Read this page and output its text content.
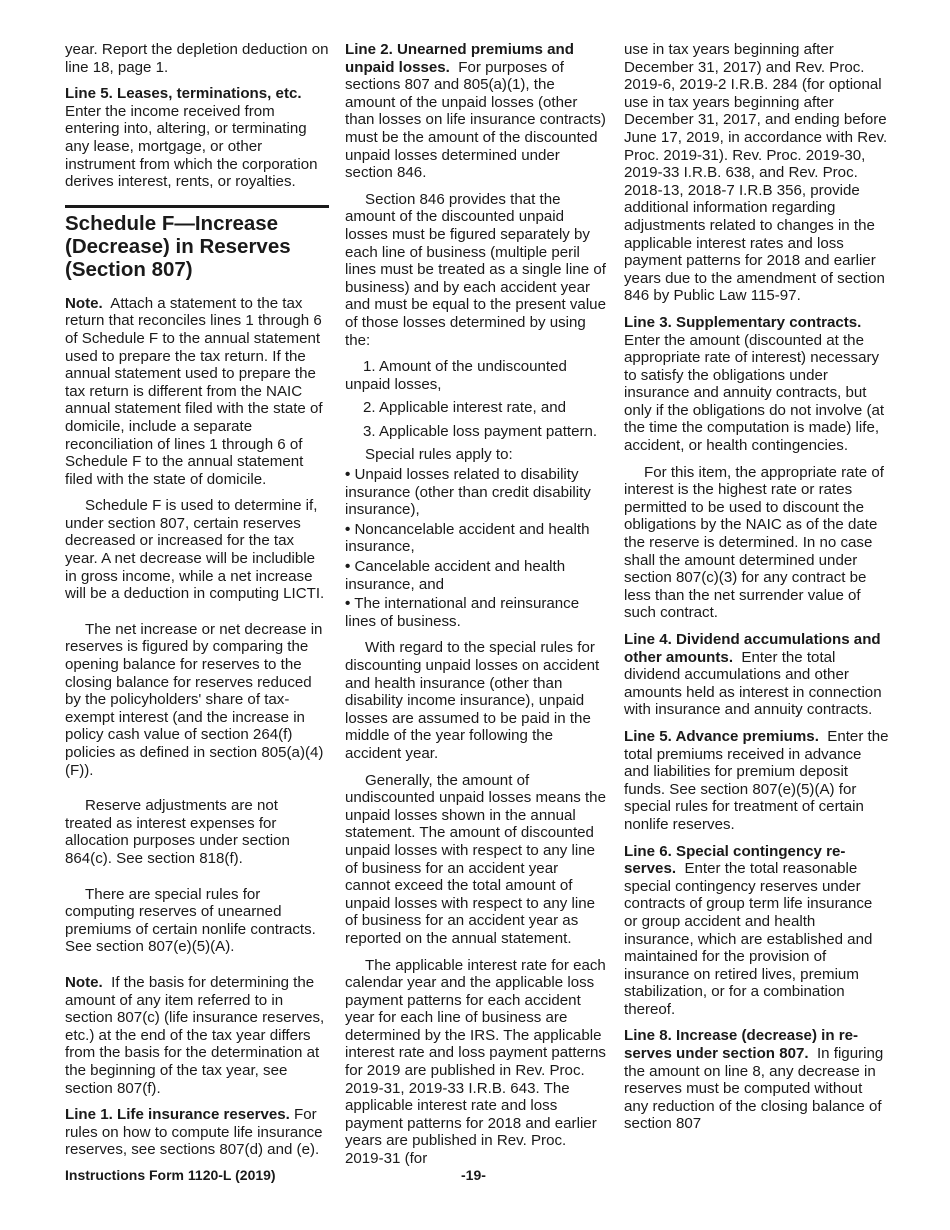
year. Report the depletion deduction on line 18, page 1.

Line 5. Leases, terminations, etc. Enter the income received from entering into, altering, or terminating any lease, mortgage, or other instrument from which the corporation derives interest, rents, or royalties.

Schedule F—Increase (Decrease) in Reserves (Section 807)

Note. Attach a statement to the tax return that reconciles lines 1 through 6 of Schedule F to the annual statement used to prepare the tax return. If the annual statement used to prepare the tax return is different from the NAIC annual statement filed with the state of domicile, include a separate reconciliation of lines 1 through 6 of Schedule F to the annual statement filed with the state of domicile.

Schedule F is used to determine if, under section 807, certain reserves decreased or increased for the tax year. A net decrease will be includible in gross income, while a net increase will be a deduction in computing LICTI.

The net increase or net decrease in reserves is figured by comparing the opening balance for reserves to the closing balance for reserves reduced by the policyholders' share of tax-exempt interest (and the increase in policy cash value of section 264(f) policies as defined in section 805(a)(4)(F)).

Reserve adjustments are not treated as interest expenses for allocation purposes under section 864(c). See section 818(f).

There are special rules for computing reserves of unearned premiums of certain nonlife contracts. See section 807(e)(5)(A).

Note. If the basis for determining the amount of any item referred to in section 807(c) (life insurance reserves, etc.) at the end of the tax year differs from the basis for the determination at the beginning of the tax year, see section 807(f).

Line 1. Life insurance reserves. For rules on how to compute life insurance reserves, see sections 807(d) and (e).

Line 2. Unearned premiums and unpaid losses. For purposes of sections 807 and 805(a)(1), the amount of the unpaid losses (other than losses on life insurance contracts) must be the amount of the discounted unpaid losses determined under section 846.

Section 846 provides that the amount of the discounted unpaid losses must be figured separately by each line of business (multiple peril lines must be treated as a single line of business) and by each accident year and must be equal to the present value of those losses determined by using the:

1. Amount of the undiscounted unpaid losses,

2. Applicable interest rate, and

3. Applicable loss payment pattern.

Special rules apply to:

• Unpaid losses related to disability insurance (other than credit disability insurance),

• Noncancelable accident and health insurance,

• Cancelable accident and health insurance, and

• The international and reinsurance lines of business.

With regard to the special rules for discounting unpaid losses on accident and health insurance (other than disability income insurance), unpaid losses are assumed to be paid in the middle of the year following the accident year.

Generally, the amount of undiscounted unpaid losses means the unpaid losses shown in the annual statement. The amount of discounted unpaid losses with respect to any line of business for an accident year cannot exceed the total amount of unpaid losses with respect to any line of business for an accident year as reported on the annual statement.

The applicable interest rate for each calendar year and the applicable loss payment patterns for each accident year for each line of business are determined by the IRS. The applicable interest rate and loss payment patterns for 2019 are published in Rev. Proc. 2019-31, 2019-33 I.R.B. 643. The applicable interest rate and loss payment patterns for 2018 and earlier years are published in Rev. Proc. 2019-31 (for

use in tax years beginning after December 31, 2017) and Rev. Proc. 2019-6, 2019-2 I.R.B. 284 (for optional use in tax years beginning after December 31, 2017, and ending before June 17, 2019, in accordance with Rev. Proc. 2019-31). Rev. Proc. 2019-30, 2019-33 I.R.B. 638, and Rev. Proc. 2018-13, 2018-7 I.R.B 356, provide additional information regarding adjustments related to changes in the applicable interest rates and loss payment patterns for 2018 and earlier years due to the amendment of section 846 by Public Law 115-97.

Line 3. Supplementary contracts. Enter the amount (discounted at the appropriate rate of interest) necessary to satisfy the obligations under insurance and annuity contracts, but only if the obligations do not involve (at the time the computation is made) life, accident, or health contingencies.

For this item, the appropriate rate of interest is the highest rate or rates permitted to be used to discount the obligations by the NAIC as of the date the reserve is determined. In no case shall the amount determined under section 807(c)(3) for any contract be less than the net surrender value of such contract.

Line 4. Dividend accumulations and other amounts. Enter the total dividend accumulations and other amounts held as interest in connection with insurance and annuity contracts.

Line 5. Advance premiums. Enter the total premiums received in advance and liabilities for premium deposit funds. See section 807(e)(5)(A) for special rules for treatment of certain nonlife reserves.

Line 6. Special contingency re-serves. Enter the total reasonable special contingency reserves under contracts of group term life insurance or group accident and health insurance, which are established and maintained for the provision of insurance on retired lives, premium stabilization, or for a combination thereof.

Line 8. Increase (decrease) in re-serves under section 807. In figuring the amount on line 8, any decrease in reserves must be computed without any reduction of the closing balance of section 807

Instructions Form 1120-L (2019)	-19-
